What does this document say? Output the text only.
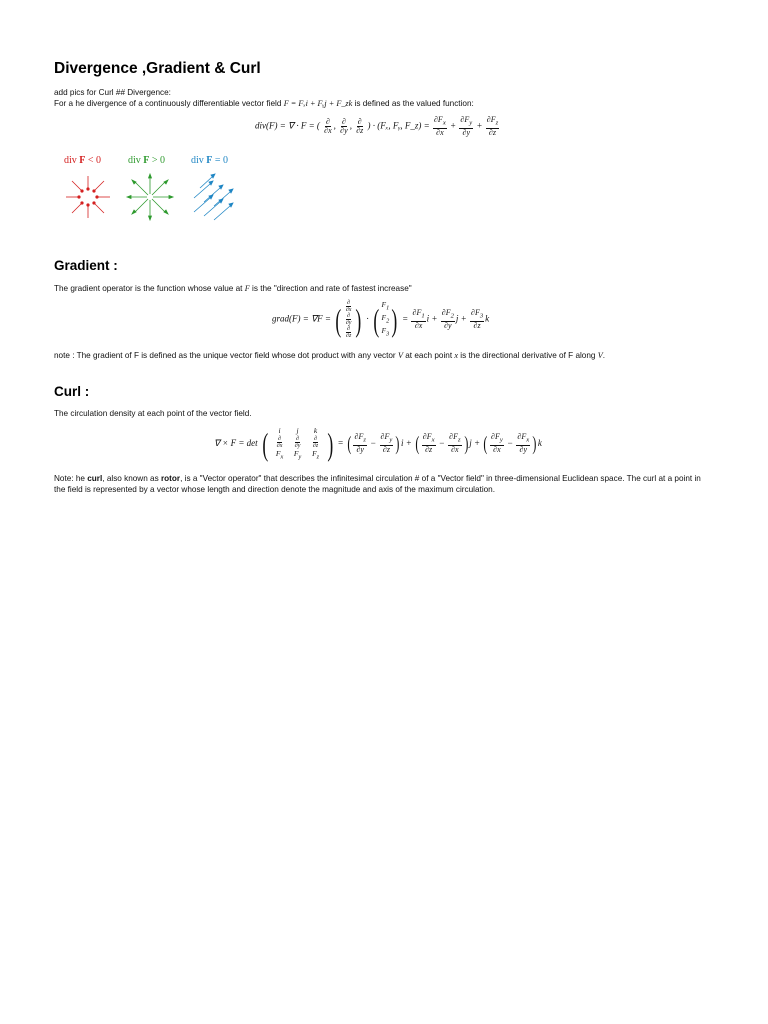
Divergence ,Gradient & Curl
add pics for Curl ## Divergence:
For a he divergence of a continuously differentiable vector field F = Fₓi + Fᵧj + F_zk is defined as the valued function:
div(F) = ∇ · F = ( $\frac{\partial}{\partial x}$ , $\frac{\partial}{\partial y}$ , $\frac{\partial}{\partial z}$ ) · (Fₓ, Fᵧ, F_z) = $\frac{\partial F_x}{\partial x} + \frac{\partial F_y}{\partial y} + \frac{\partial F_z}{\partial z}$
div F < 0	div F > 0	div F = 0
Gradient :
The gradient operator is the function whose value at F is the "direction and rate of fastest increase"
grad(F) = ∇F = ( $\frac{\partial}{\partial x}$
$\frac{\partial}{\partial y}$
$\frac{\partial}{\partial z}$ ) · ( $F_1$
$F_2$
$F_3$ ) = $\frac{\partial F_1}{\partial x}$ $i + \frac{\partial F_2}{\partial y}$ $j + \frac{\partial F_3}{\partial z}$ k
note : The gradient of F is defined as the unique vector field whose dot product with any vector V at each point x is the directional derivative of F along V.
Curl :
The circulation density at each point of the vector field.
∇ × F = det (	i	j	k
$\frac{\partial}{\partial x} \frac{\partial}{\partial y} \frac{\partial}{\partial z}$
$F_x$	$F_y$	$F_z$ ) = ( $\frac{\partial F_z}{\partial y} - \frac{\partial F_y}{\partial z} )i$ + ( $\frac{\partial F_x}{\partial z} - \frac{\partial F_z}{\partial x} )j$ + ( $\frac{\partial F_y}{\partial x} - \frac{\partial F_x}{\partial y} )k$
Note: he curl, also known as rotor, is a "Vector operator" that describes the infinitesimal circulation # of a "Vector field" in three-dimensional Euclidean space. The curl at a point in the field is represented by a vector whose length and direction denote the magnitude and axis of the maximum circulation.
